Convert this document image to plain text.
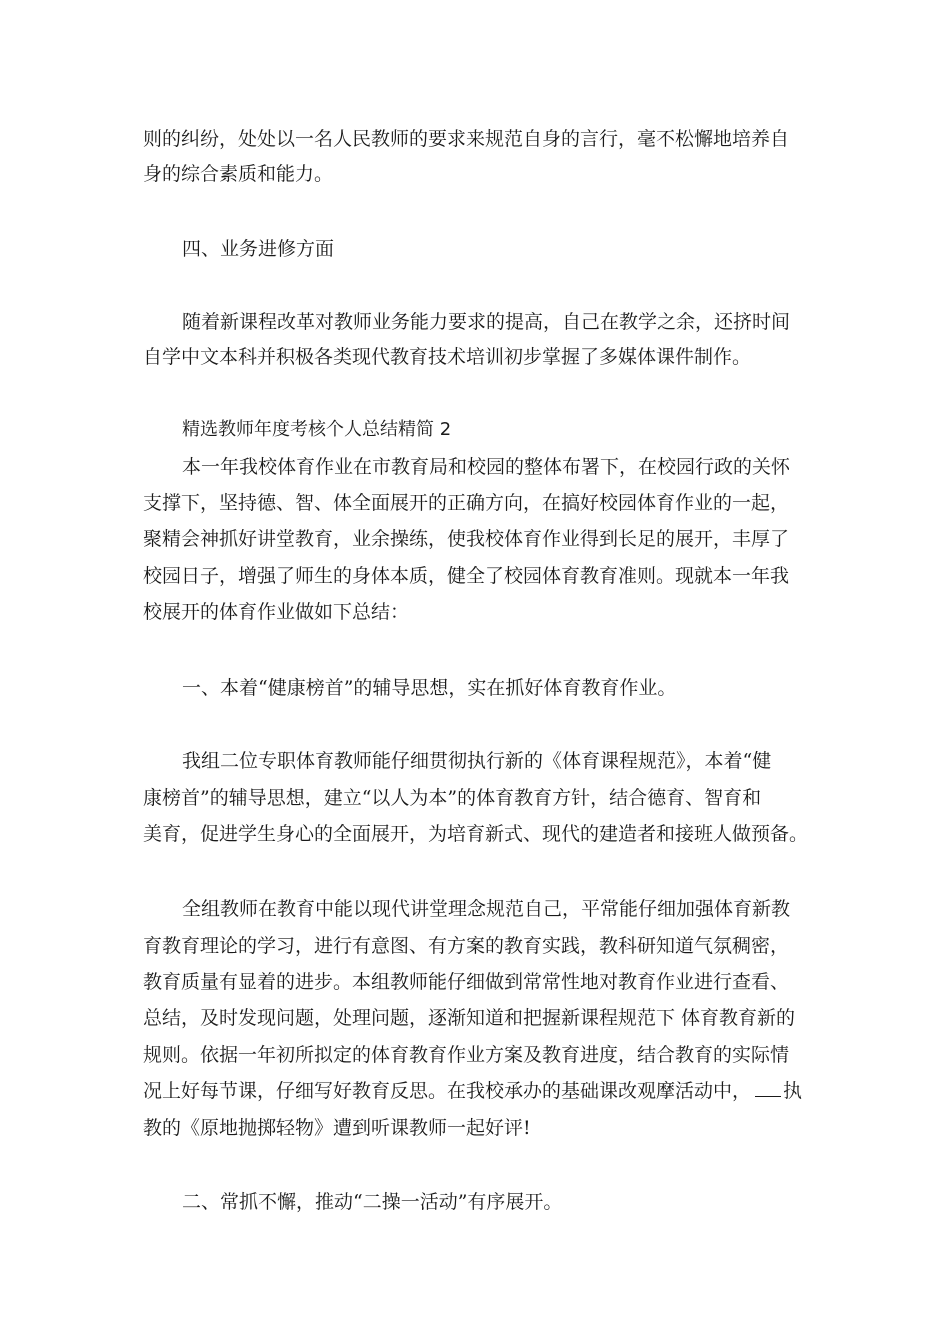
则的纠纷，处处以一名人民教师的要求来规范自身的言行，毫不松懈地培养自
身的综合素质和能力。
四、业务进修方面
随着新课程改革对教师业务能力要求的提高，自己在教学之余，还挤时间
自学中文本科并积极各类现代教育技术培训初步掌握了多媒体课件制作。
精选教师年度考核个人总结精简 2
本一年我校体育作业在市教育局和校园的整体布署下，在校园行政的关怀
支撑下，坚持德、智、体全面展开的正确方向，在搞好校园体育作业的一起，
聚精会神抓好讲堂教育，业余操练，使我校体育作业得到长足的展开，丰厚了
校园日子，增强了师生的身体本质，健全了校园体育教育准则。现就本一年我
校展开的体育作业做如下总结：
一、本着“健康榜首”的辅导思想，实在抓好体育教育作业。
我组二位专职体育教师能仔细贯彻执行新的《体育课程规范》，本着“健
康榜首”的辅导思想，建立“以人为本”的体育教育方针，结合德育、智育和
美育，促进学生身心的全面展开，为培育新式、现代的建造者和接班人做预备。
全组教师在教育中能以现代讲堂理念规范自己，平常能仔细加强体育新教
育教育理论的学习，进行有意图、有方案的教育实践，教科研知道气氛稠密，
教育质量有显着的进步。本组教师能仔细做到常常性地对教育作业进行查看、
总结，及时发现问题，处理问题，逐渐知道和把握新课程规范下 体育教育新的
规则。依据一年初所拟定的体育教育作业方案及教育进度，结合教育的实际情
况上好每节课，仔细写好教育反思。在我校承办的基础课改观摩活动中， 执
教的《原地抛掷轻物》遭到听课教师一起好评!
二、常抓不懈，推动“二操一活动”有序展开。
